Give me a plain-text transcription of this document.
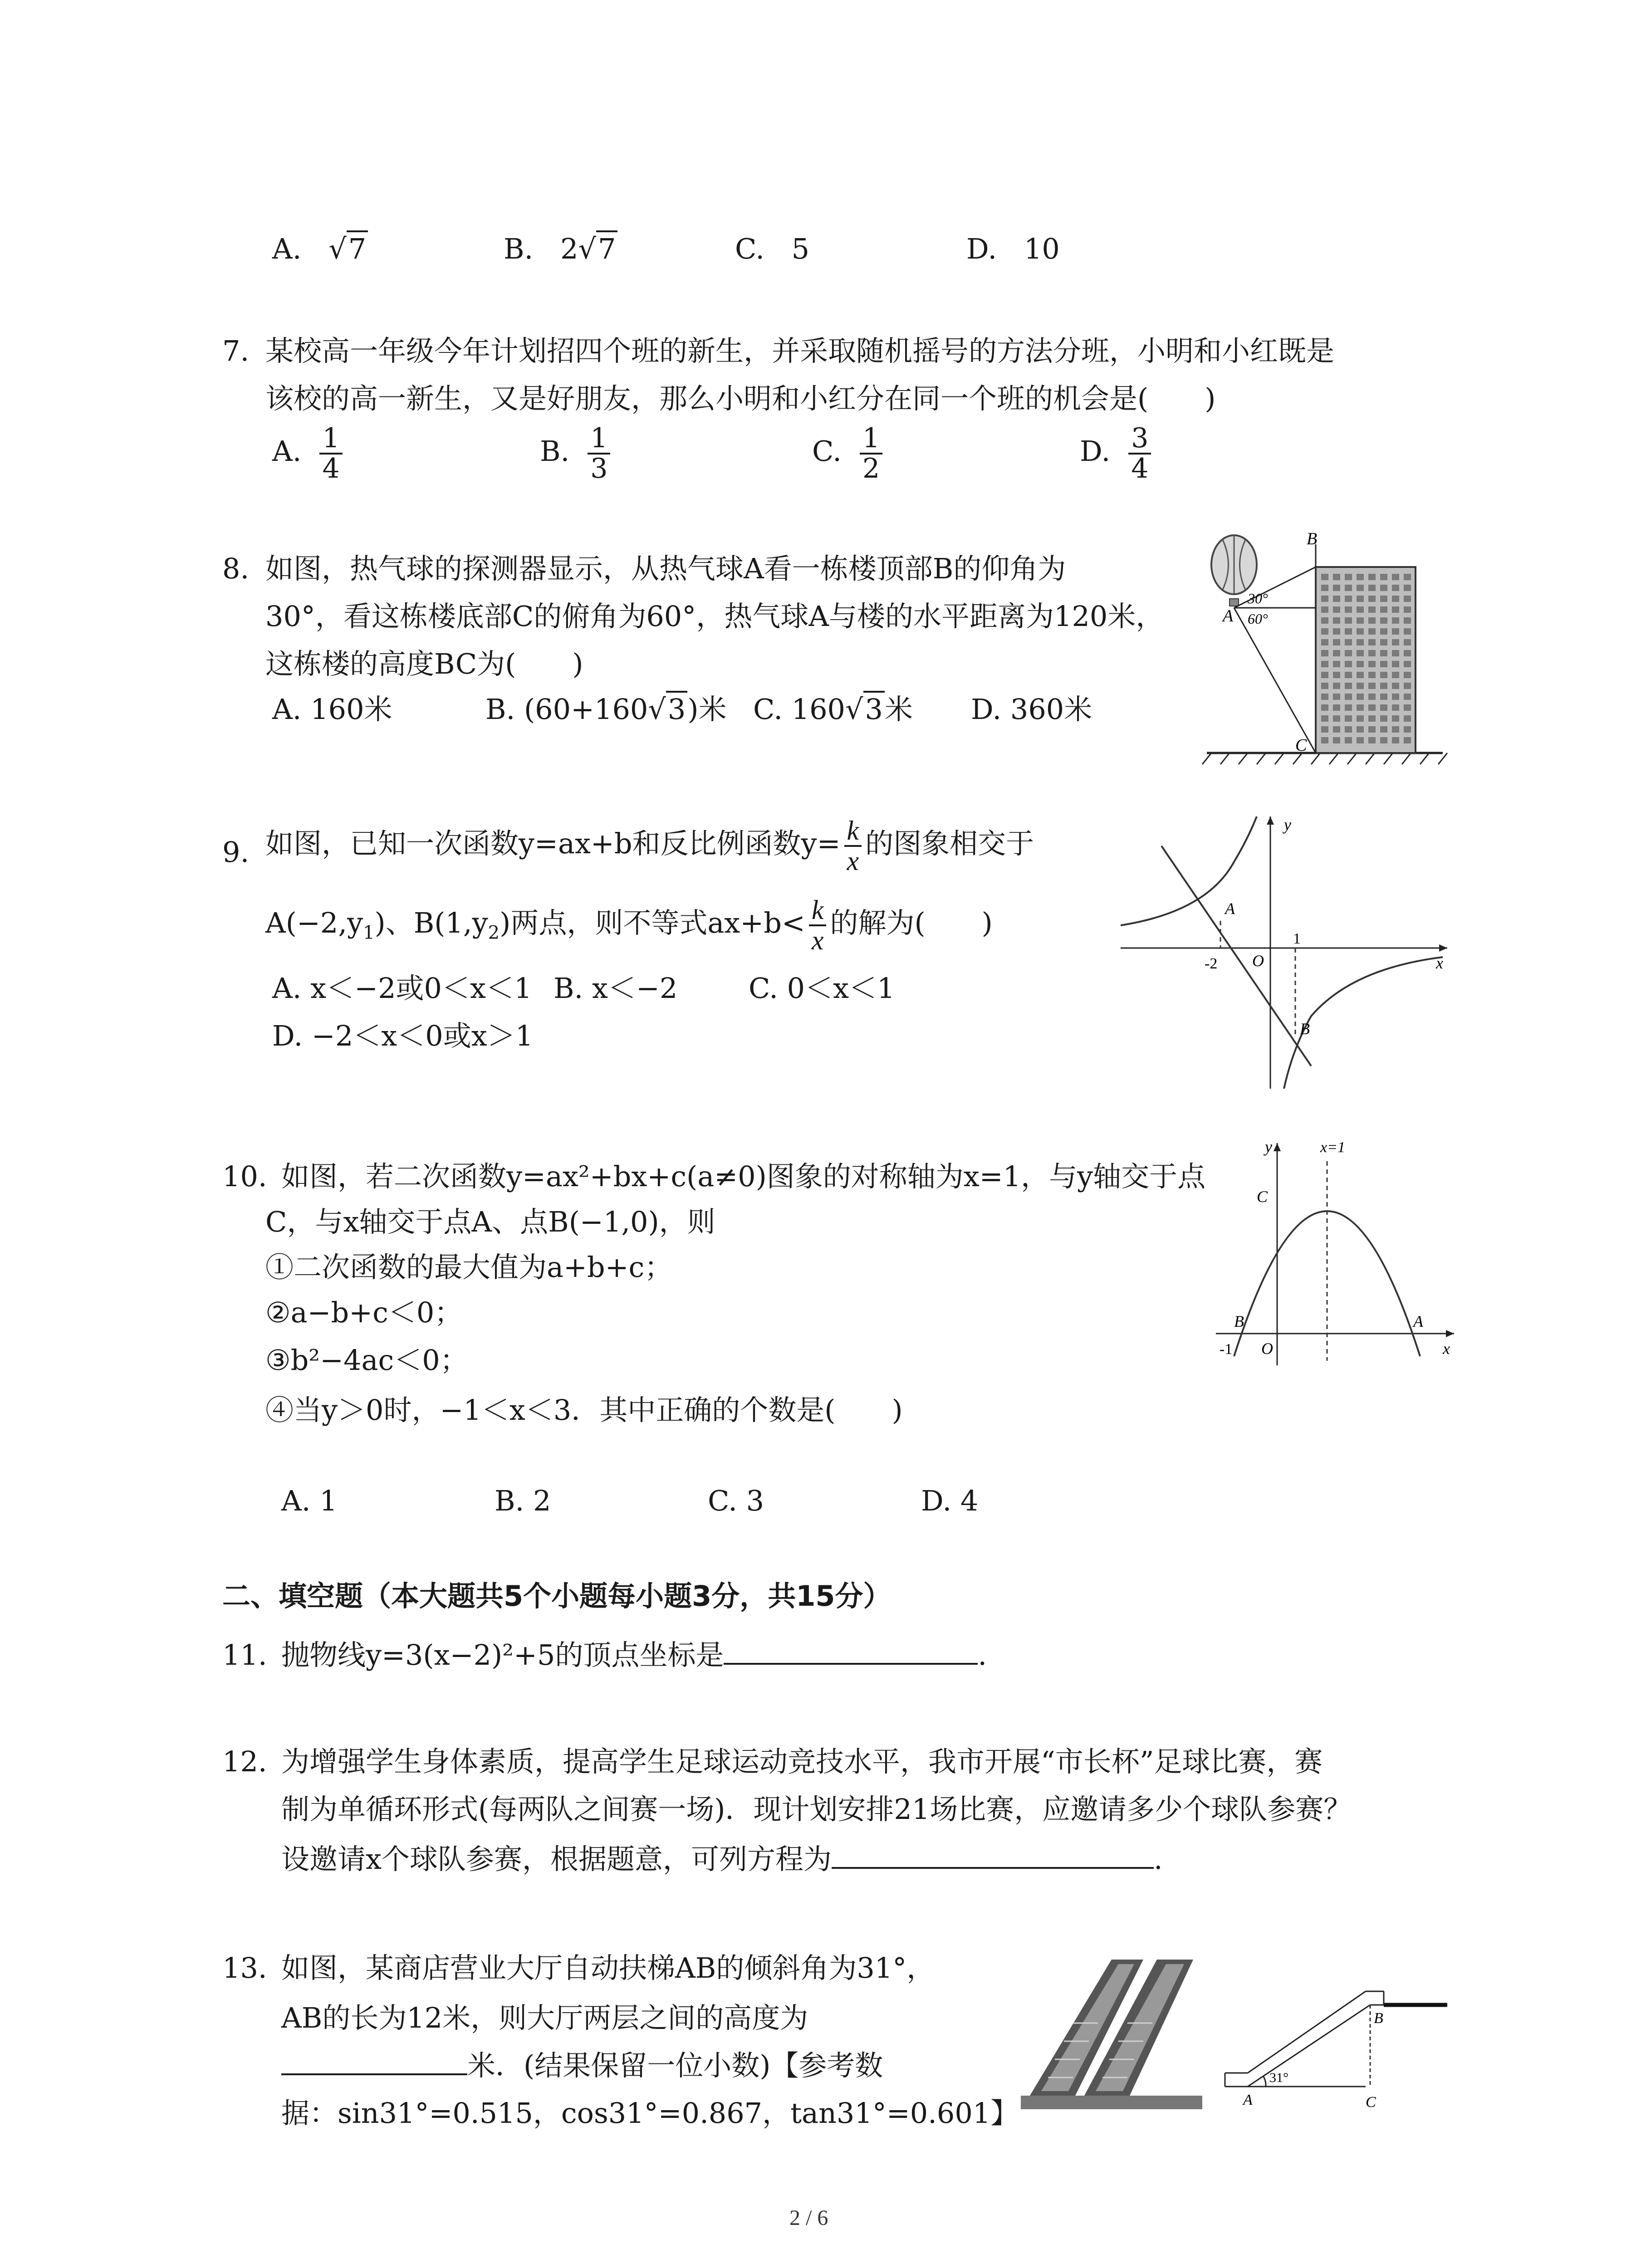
A. √7	B. 2√7	C. 5	D. 10
7. 某校高一年级今年计划招四个班的新生，并采取随机摇号的方法分班，小明和小红既是
该校的高一新生，又是好朋友，那么小明和小红分在同一个班的机会是(　　)
A. $\frac{1}{4}$	B. $\frac{1}{3}$	C. $\frac{1}{2}$	D. $\frac{3}{4}$
8. 如图，热气球的探测器显示，从热气球A看一栋楼顶部B的仰角为
30°，看这栋楼底部C的俯角为60°，热气球A与楼的水平距离为120米，
这栋楼的高度BC为(　　)
A. 160米	B. (60+160√3)米 C. 160√3米 D. 360米
B
A
C
30°
60°
9. 如图，已知一次函数y=ax+b和反比例函数$y= \frac{k}{x}$ 的图象相交于
$A(-2,y_1)$、$B(1,y_2)$两点，则不等式$ax+b< \frac{k}{x}$ 的解为(　　)
A. x＜−2或0＜x＜1 B. x＜−2	C. 0＜x＜1
D. −2＜x＜0或x＞1
y
x
A
B
O
-2
1
10. 如图，若二次函数y=ax²+bx+c(a≠0)图象的对称轴为x=1，与y轴交于点
C，与x轴交于点A、点B(−1,0)，则
①二次函数的最大值为a+b+c；
②a−b+c＜0；
③b²−4ac＜0；
④当y＞0时，−1＜x＜3．其中正确的个数是(　　)
A. 1	B. 2	C. 3	D. 4
y
x
x=1
C
B	A
O
-1
二、填空题（本大题共5个小题每小题3分，共15分）
11. 抛物线y=3(x−2)²+5的顶点坐标是	.
12. 为增强学生身体素质，提高学生足球运动竞技水平，我市开展“市长杯”足球比赛，赛
制为单循环形式(每两队之间赛一场)．现计划安排21场比赛，应邀请多少个球队参赛？
设邀请x个球队参赛，根据题意，可列方程为	.
13. 如图，某商店营业大厅自动扶梯AB的倾斜角为31°，
AB的长为12米，则大厅两层之间的高度为
米．(结果保留一位小数)【参考数
据：sin31°=0.515，cos31°=0.867，tan31°=0.601】	A
B
C
31°
2 / 6
